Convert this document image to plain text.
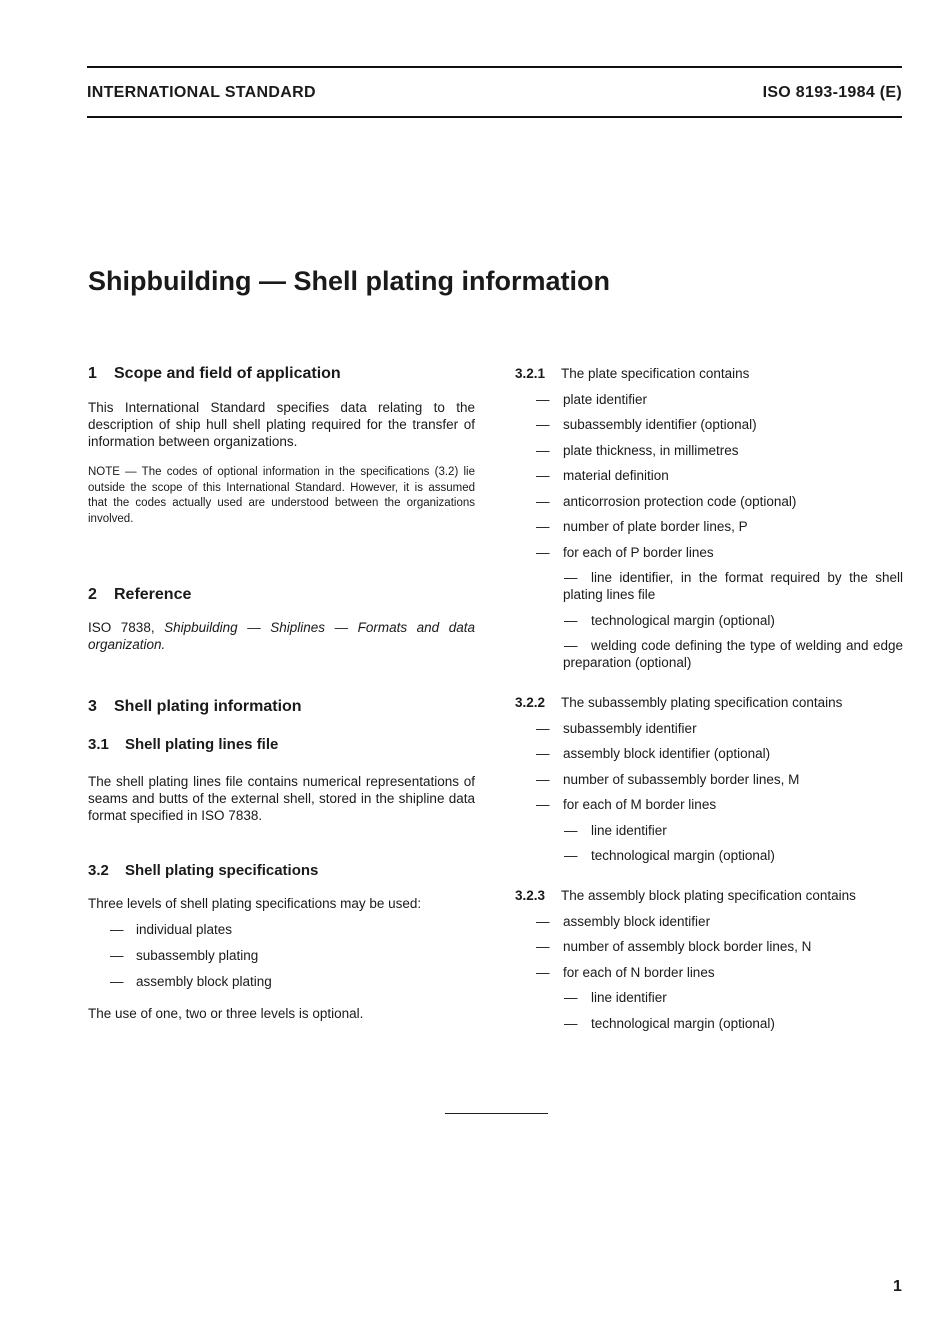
INTERNATIONAL STANDARD	ISO 8193-1984 (E)
Shipbuilding — Shell plating information
1 Scope and field of application

This International Standard specifies data relating to the description of ship hull shell plating required for the transfer of information between organizations.

NOTE — The codes of optional information in the specifications (3.2) lie outside the scope of this International Standard. However, it is assumed that the codes actually used are understood between the organizations involved.

2 Reference

ISO 7838, Shipbuilding — Shiplines — Formats and data organization.

3 Shell plating information
3.1 Shell plating lines file

The shell plating lines file contains numerical representations of seams and butts of the external shell, stored in the shipline data format specified in ISO 7838.

3.2 Shell plating specifications

Three levels of shell plating specifications may be used:

— individual plates
— subassembly plating
— assembly block plating

The use of one, two or three levels is optional.

3.2.1 The plate specification contains
— plate identifier
— subassembly identifier (optional)
— plate thickness, in millimetres
— material definition
— anticorrosion protection code (optional)
— number of plate border lines, P
— for each of P border lines
—	line identifier, in the format required by the shell plating lines file
—	technological margin (optional)
—	welding code defining the type of welding and edge preparation (optional)
3.2.2 The subassembly plating specification contains
— subassembly identifier
— assembly block identifier (optional)
— number of subassembly border lines, M
— for each of M border lines
—	line identifier
—	technological margin (optional)
3.2.3 The assembly block plating specification contains
— assembly block identifier
— number of assembly block border lines, N
— for each of N border lines
—	line identifier
—	technological margin (optional)
1
